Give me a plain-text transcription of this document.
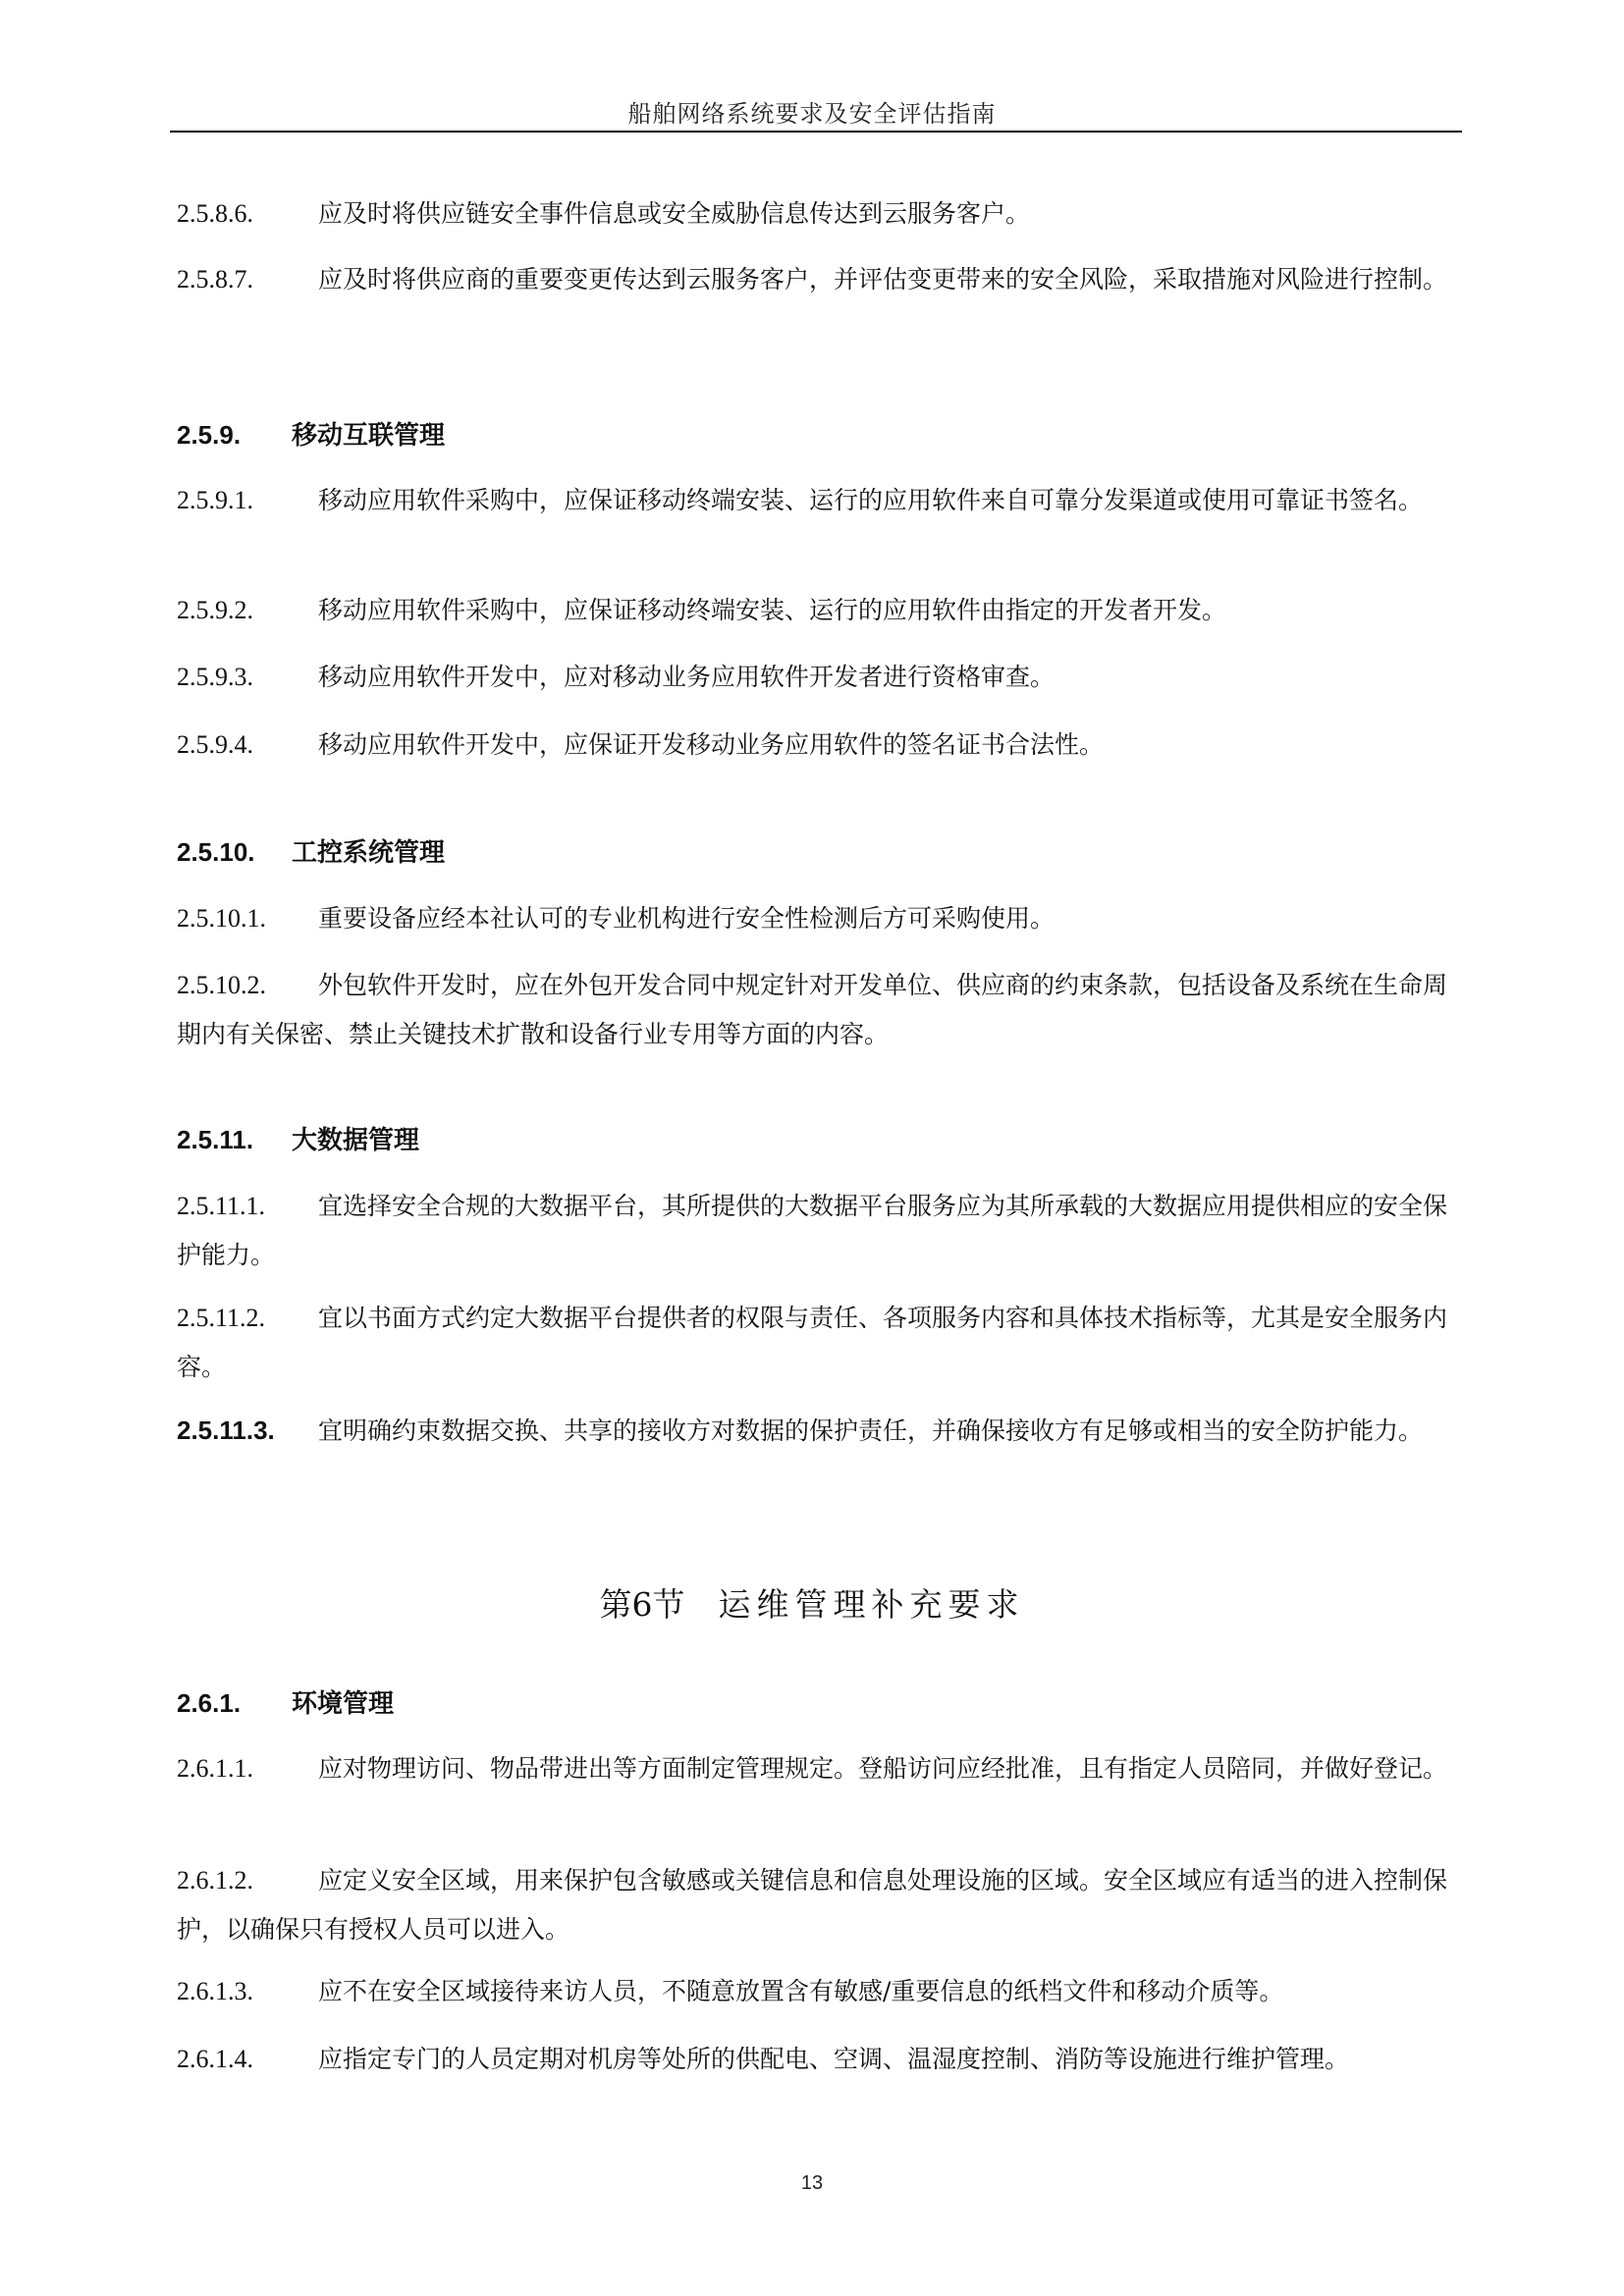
船舶网络系统要求及安全评估指南
2.5.8.6.	应及时将供应链安全事件信息或安全威胁信息传达到云服务客户。
2.5.8.7.	应及时将供应商的重要变更传达到云服务客户，并评估变更带来的安全风险，采取措施对风险进行控制。
2.5.9. 移动互联管理
2.5.9.1.	移动应用软件采购中，应保证移动终端安装、运行的应用软件来自可靠分发渠道或使用可靠证书签名。
2.5.9.2.	移动应用软件采购中，应保证移动终端安装、运行的应用软件由指定的开发者开发。
2.5.9.3.	移动应用软件开发中，应对移动业务应用软件开发者进行资格审查。
2.5.9.4.	移动应用软件开发中，应保证开发移动业务应用软件的签名证书合法性。
2.5.10. 工控系统管理
2.5.10.1. 重要设备应经本社认可的专业机构进行安全性检测后方可采购使用。
2.5.10.2. 外包软件开发时，应在外包开发合同中规定针对开发单位、供应商的约束条款，包括设备及系统在生命周期内有关保密、禁止关键技术扩散和设备行业专用等方面的内容。
2.5.11. 大数据管理
2.5.11.1. 宜选择安全合规的大数据平台，其所提供的大数据平台服务应为其所承载的大数据应用提供相应的安全保护能力。
2.5.11.2. 宜以书面方式约定大数据平台提供者的权限与责任、各项服务内容和具体技术指标等，尤其是安全服务内容。
2.5.11.3. 宜明确约束数据交换、共享的接收方对数据的保护责任，并确保接收方有足够或相当的安全防护能力。
第6节 运维管理补充要求
2.6.1. 环境管理
2.6.1.1.	应对物理访问、物品带进出等方面制定管理规定。登船访问应经批准，且有指定人员陪同，并做好登记。
2.6.1.2.	应定义安全区域，用来保护包含敏感或关键信息和信息处理设施的区域。安全区域应有适当的进入控制保护，以确保只有授权人员可以进入。
2.6.1.3.	应不在安全区域接待来访人员，不随意放置含有敏感/重要信息的纸档文件和移动介质等。
2.6.1.4.	应指定专门的人员定期对机房等处所的供配电、空调、温湿度控制、消防等设施进行维护管理。
13
